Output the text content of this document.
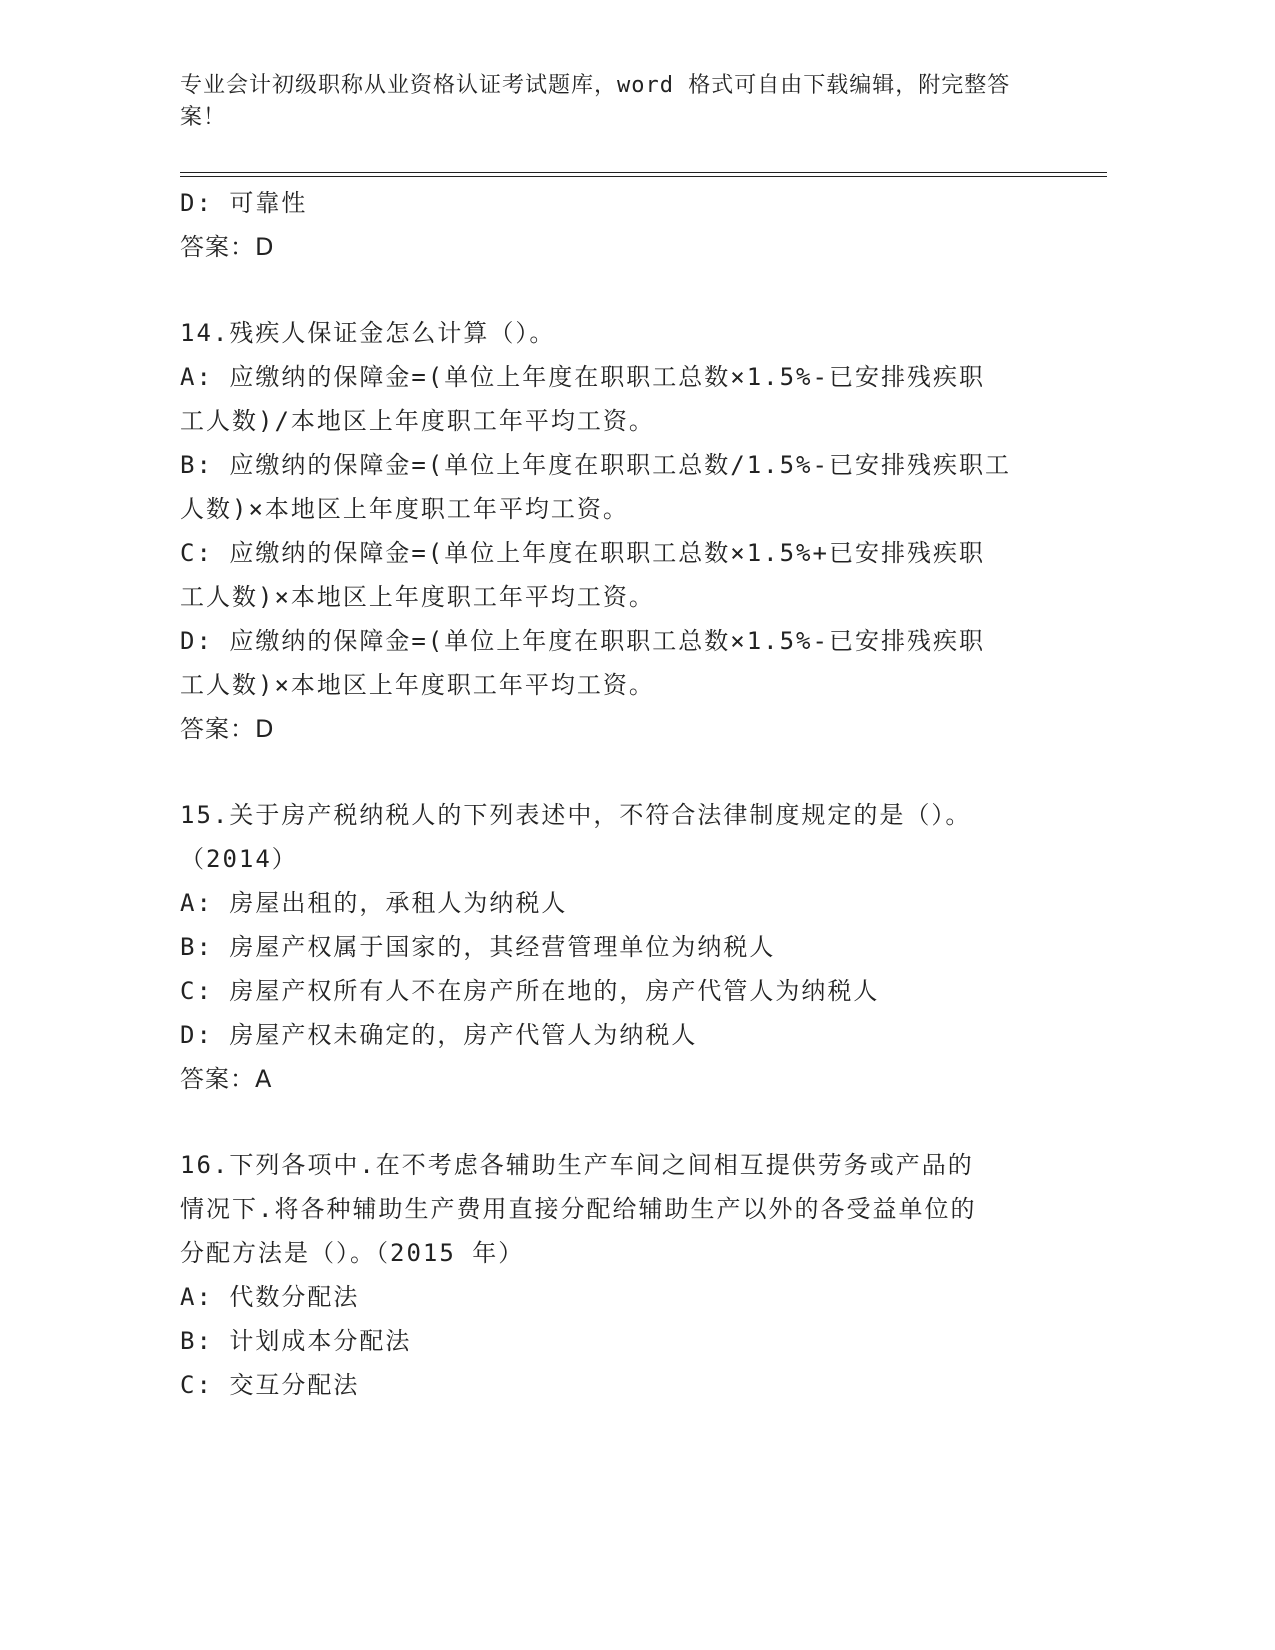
专业会计初级职称从业资格认证考试题库，word 格式可自由下载编辑，附完整答
案！
D: 可靠性
答案：D
14.残疾人保证金怎么计算（）。
A: 应缴纳的保障金=(单位上年度在职职工总数×1.5%-已安排残疾职
工人数)/本地区上年度职工年平均工资。
B: 应缴纳的保障金=(单位上年度在职职工总数/1.5%-已安排残疾职工
人数)×本地区上年度职工年平均工资。
C: 应缴纳的保障金=(单位上年度在职职工总数×1.5%+已安排残疾职
工人数)×本地区上年度职工年平均工资。
D: 应缴纳的保障金=(单位上年度在职职工总数×1.5%-已安排残疾职
工人数)×本地区上年度职工年平均工资。
答案：D
15.关于房产税纳税人的下列表述中，不符合法律制度规定的是（）。
（2014）
A: 房屋出租的，承租人为纳税人
B: 房屋产权属于国家的，其经营管理单位为纳税人
C: 房屋产权所有人不在房产所在地的，房产代管人为纳税人
D: 房屋产权未确定的，房产代管人为纳税人
答案：A
16.下列各项中.在不考虑各辅助生产车间之间相互提供劳务或产品的
情况下.将各种辅助生产费用直接分配给辅助生产以外的各受益单位的
分配方法是（）。（2015 年）
A: 代数分配法
B: 计划成本分配法
C: 交互分配法
